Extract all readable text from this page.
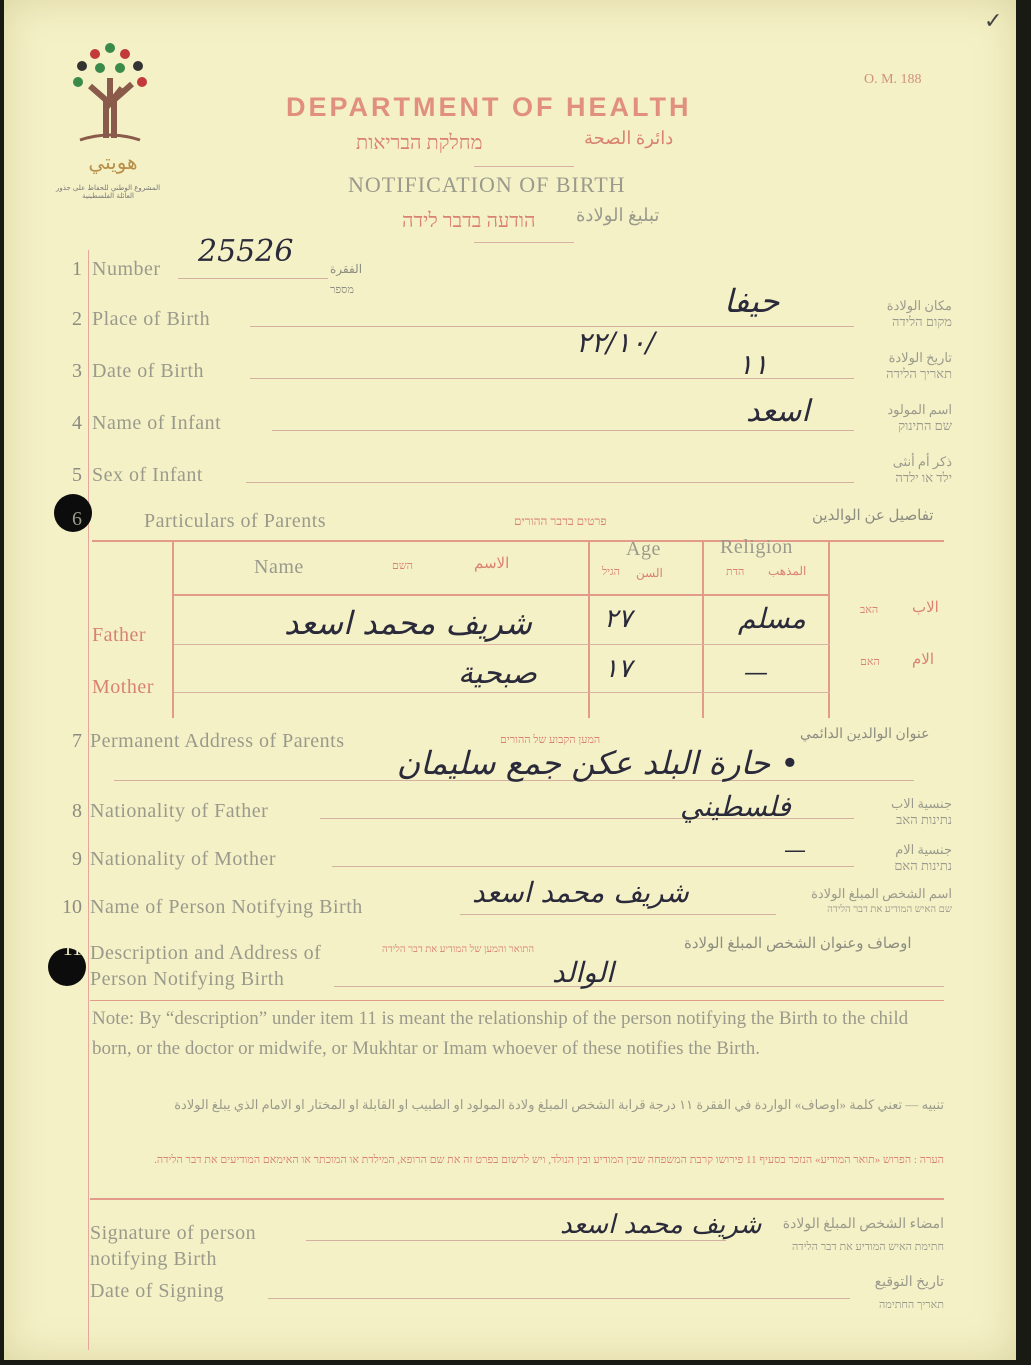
هويتي
المشروع الوطني للحفاظ على جذور العائلة الفلسطينية
O. M. 188
✓
DEPARTMENT OF HEALTH
מחלקת הבריאות	دائرة الصحة
NOTIFICATION OF BIRTH
הודעה בדבר לידה تبليغ الولادة
1 Number 25526	الفقرة
מספר
2 Place of Birth	حيفا	مكان الولادة
מקום הלידה
3 Date of Birth
٢٢/١٠/
١١	تاريخ الولادة
תאריך הלידה
4 Name of Infant	اسعد	اسم المولود
שם התינוק
5 Sex of Infant
ذكر أم أنثى
ילד או ילדה
Particulars of Parents	פרטים בדבר ההורים	تفاصيل عن الوالدين
Name	השם	الاسم
Age
السن
הגיל
Religion
المذهب
הדת
Father	شريف محمد اسعد	٢٧	مسلم	الاب
האב
Mother	صبحية	١٧	—	الام
האם
6
7 Permanent Address of Parents	המען הקבוע של ההורים	عنوان الوالدين الدائمي
• حارة البلد عكن جمع سليمان
8 Nationality of Father	فلسطيني	جنسية الاب
נתינות האב
9 Nationality of Mother	—	جنسية الام
נתינות האם
10 Name of Person Notifying Birth	شريف محمد اسعد	اسم الشخص المبلغ الولادة
שם האיש המודיע את דבר הלידה
11 Description and Address of
Person Notifying Birth
התואר והמען של המודיע את דבר הלידה	اوصاف وعنوان الشخص المبلغ الولادة
الوالد
Note: By “description” under item 11 is meant the relationship of the person notifying the Birth to the child born, or the doctor or midwife, or Mukhtar or Imam whoever of these notifies the Birth.
تنبيه — تعني كلمة «اوصاف» الواردة في الفقرة ١١ درجة قرابة الشخص المبلغ ولادة المولود او الطبيب او القابلة او المختار او الامام الذي يبلغ الولادة
הערה : הפרוש «תואר המודיע» הנזכר בסעיף 11 פירושו קרבת המשפחה שבין המודיע ובין הנולד, ויש לרשום בפרט זה את שם הרופא, המילדת או המוכתר או האימאם המודיעים את דבר הלידה.
Signature of person
notifying Birth
شريف محمد اسعد	امضاء الشخص المبلغ الولادة
חתימת האיש המודיע את דבר הלידה
Date of Signing	تاريخ التوقيع
תאריך החתימה
